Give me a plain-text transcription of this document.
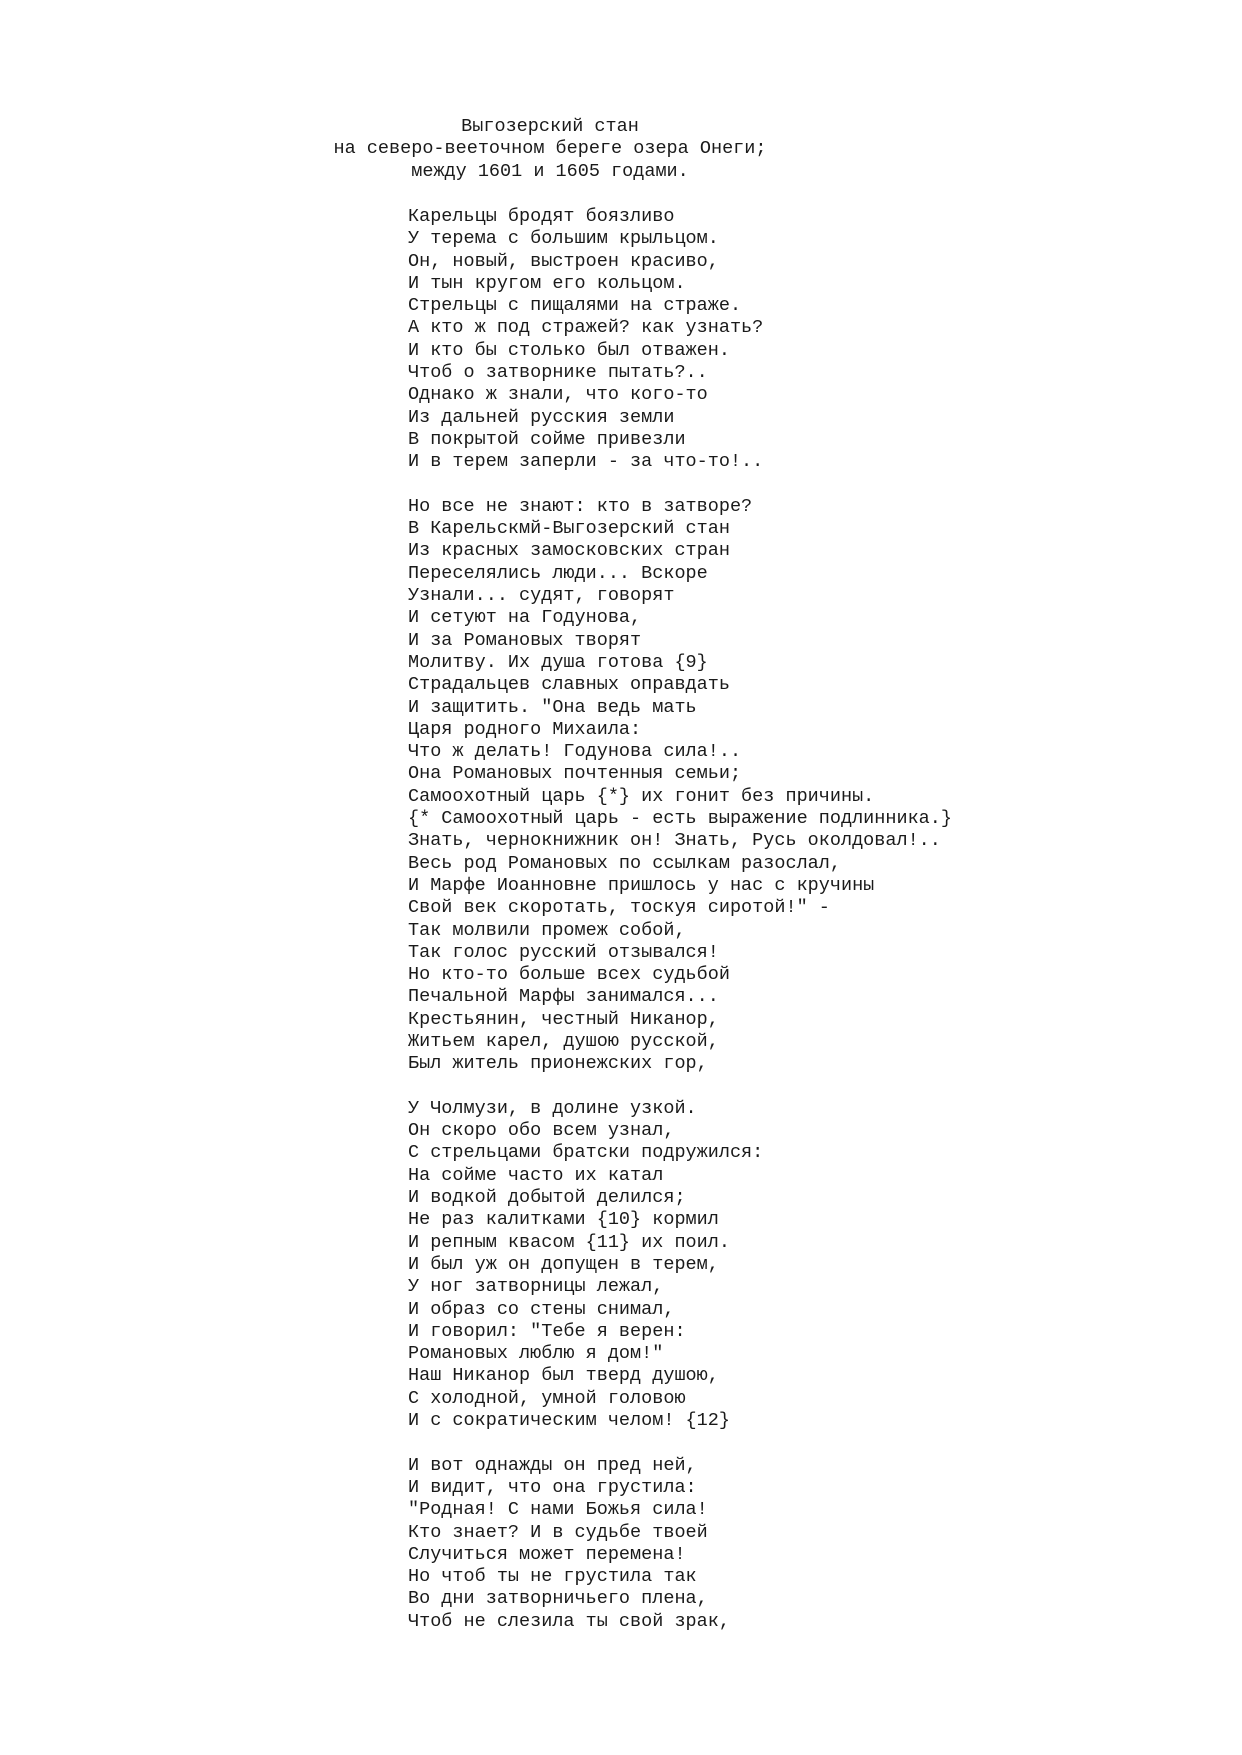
Выгозерский стан
на северо-вееточном береге озера Онеги;
между 1601 и 1605 годами.
Карельцы бродят боязливо
У терема с большим крыльцом.
Он, новый, выстроен красиво,
И тын кругом его кольцом.
Стрельцы с пищалями на страже.
А кто ж под стражей? как узнать?
И кто бы столько был отважен.
Чтоб о затворнике пытать?..
Однако ж знали, что кого-то
Из дальней русския земли
В покрытой сойме привезли
И в терем заперли - за что-то!..
Но все не знают: кто в затворе?
В Карельскмй-Выгозерский стан
Из красных замосковских стран
Переселялись люди... Вскоре
Узнали... судят, говорят
И сетуют на Годунова,
И за Романовых творят
Молитву. Их душа готова {9}
Страдальцев славных оправдать
И защитить. "Она ведь мать
Царя родного Михаила:
Что ж делать! Годунова сила!..
Она Романовых почтенныя семьи;
Самоохотный царь {*} их гонит без причины.
{* Самоохотный царь - есть выражение подлинника.}
Знать, чернокнижник он! Знать, Русь околдовал!..
Весь род Романовых по ссылкам разослал,
И Марфе Иоанновне пришлось у нас с кручины
Свой век скоротать, тоскуя сиротой!" -
Так молвили промеж собой,
Так голос русский отзывался!
Но кто-то больше всех судьбой
Печальной Марфы занимался...
Крестьянин, честный Никанор,
Житьем карел, душою русской,
Был житель прионежских гор,
У Чолмузи, в долине узкой.
Он скоро обо всем узнал,
С стрельцами братски подружился:
На сойме часто их катал
И водкой добытой делился;
Не раз калитками {10} кормил
И репным квасом {11} их поил.
И был уж он допущен в терем,
У ног затворницы лежал,
И образ со стены снимал,
И говорил: "Тебе я верен:
Романовых люблю я дом!"
Наш Никанор был тверд душою,
С холодной, умной головою
И с сократическим челом! {12}
И вот однажды он пред ней,
И видит, что она грустила:
"Родная! С нами Божья сила!
Кто знает? И в судьбе твоей
Случиться может перемена!
Но чтоб ты не грустила так
Во дни затворничьего плена,
Чтоб не слезила ты свой зрак,
